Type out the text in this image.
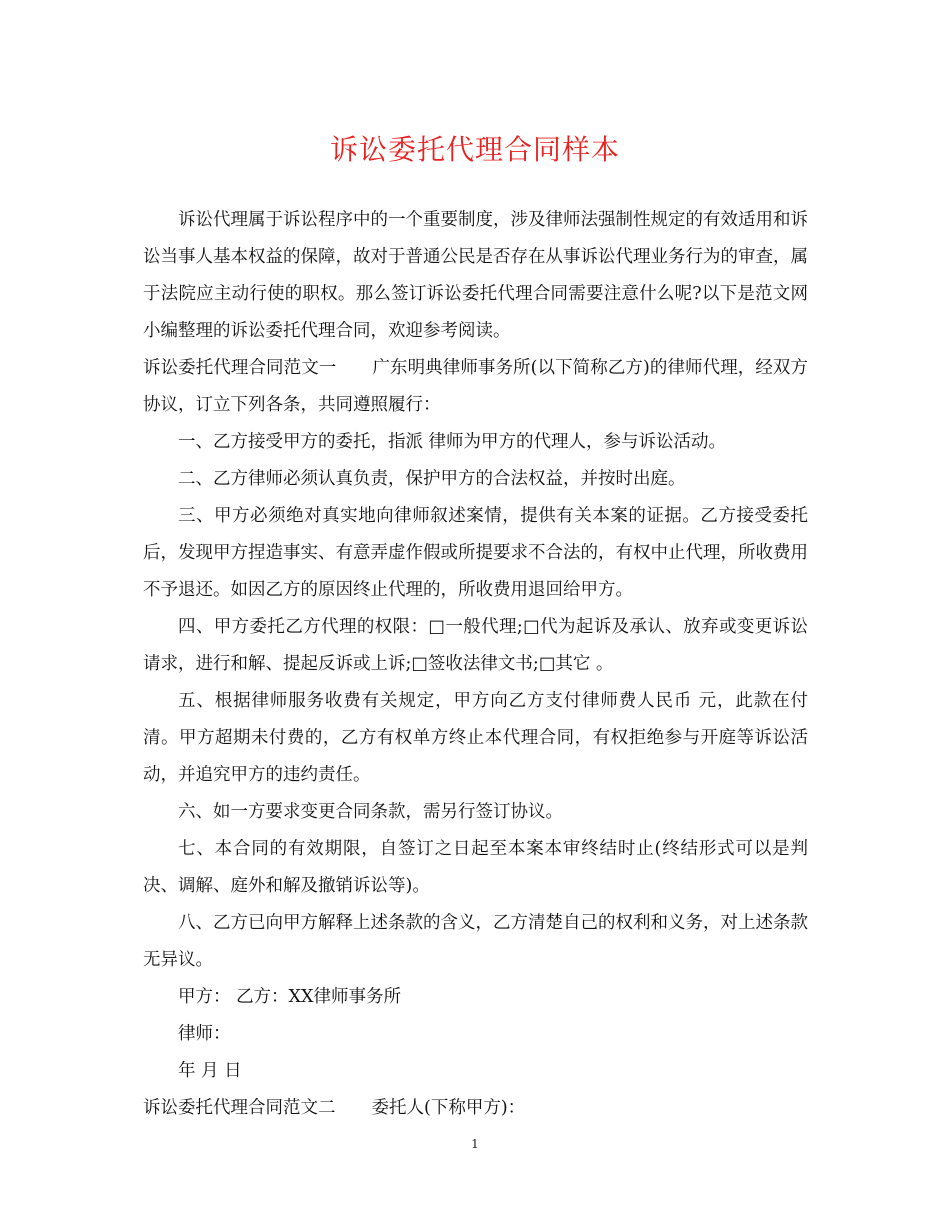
诉讼委托代理合同样本

诉讼代理属于诉讼程序中的一个重要制度，涉及律师法强制性规定的有效适用和诉讼当事人基本权益的保障，故对于普通公民是否存在从事诉讼代理业务行为的审查，属于法院应主动行使的职权。那么签订诉讼委托代理合同需要注意什么呢?以下是范文网小编整理的诉讼委托代理合同，欢迎参考阅读。

诉讼委托代理合同范文一 广东明典律师事务所(以下简称乙方)的律师代理，经双方协议，订立下列各条，共同遵照履行：

一、乙方接受甲方的委托，指派 律师为甲方的代理人，参与诉讼活动。

二、乙方律师必须认真负责，保护甲方的合法权益，并按时出庭。

三、甲方必须绝对真实地向律师叙述案情，提供有关本案的证据。乙方接受委托后，发现甲方捏造事实、有意弄虚作假或所提要求不合法的，有权中止代理，所收费用不予退还。如因乙方的原因终止代理的，所收费用退回给甲方。

四、甲方委托乙方代理的权限：□一般代理;□代为起诉及承认、放弃或变更诉讼请求，进行和解、提起反诉或上诉;□签收法律文书;□其它 。

五、根据律师服务收费有关规定，甲方向乙方支付律师费人民币 元，此款在付清。甲方超期未付费的，乙方有权单方终止本代理合同，有权拒绝参与开庭等诉讼活动，并追究甲方的违约责任。

六、如一方要求变更合同条款，需另行签订协议。

七、本合同的有效期限，自签订之日起至本案本审终结时止(终结形式可以是判决、调解、庭外和解及撤销诉讼等)。

八、乙方已向甲方解释上述条款的含义，乙方清楚自己的权利和义务，对上述条款无异议。

甲方： 乙方：XX律师事务所

律师：

年 月 日

诉讼委托代理合同范文二 委托人(下称甲方)：

1
